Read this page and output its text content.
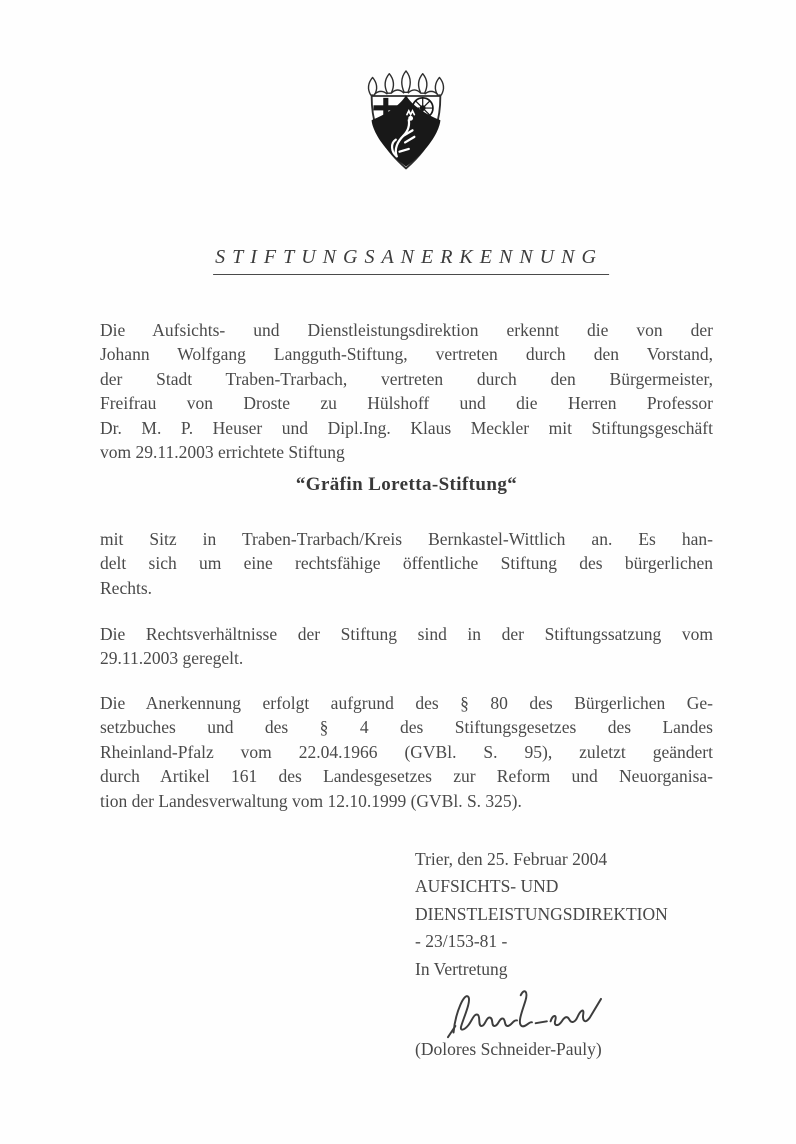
STIFTUNGSANERKENNUNG
Die Aufsichts- und Dienstleistungsdirektion erkennt die von der
Johann Wolfgang Langguth-Stiftung, vertreten durch den Vorstand,
der Stadt Traben-Trarbach, vertreten durch den Bürgermeister,
Freifrau von Droste zu Hülshoff und die Herren Professor
Dr. M. P. Heuser und Dipl.Ing. Klaus Meckler mit Stiftungsgeschäft
vom 29.11.2003 errichtete Stiftung
“Gräfin Loretta-Stiftung“
mit Sitz in Traben-Trarbach/Kreis Bernkastel-Wittlich an. Es han-
delt sich um eine rechtsfähige öffentliche Stiftung des bürgerlichen
Rechts.
Die Rechtsverhältnisse der Stiftung sind in der Stiftungssatzung vom
29.11.2003 geregelt.
Die Anerkennung erfolgt aufgrund des § 80 des Bürgerlichen Ge-
setzbuches und des § 4 des Stiftungsgesetzes des Landes
Rheinland-Pfalz vom 22.04.1966 (GVBl. S. 95), zuletzt geändert
durch Artikel 161 des Landesgesetzes zur Reform und Neuorganisa-
tion der Landesverwaltung vom 12.10.1999 (GVBl. S. 325).
Trier, den 25. Februar 2004
AUFSICHTS- UND
DIENSTLEISTUNGSDIREKTION
- 23/153-81 -
In Vertretung
(Dolores Schneider-Pauly)
